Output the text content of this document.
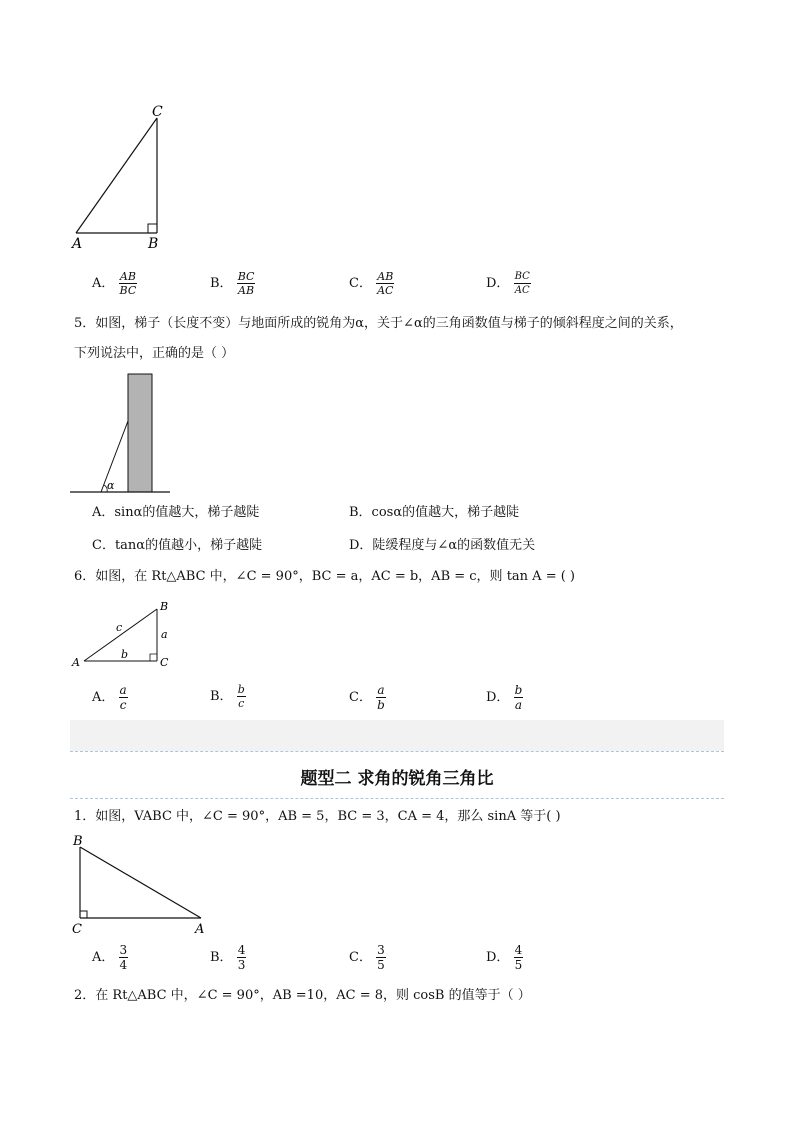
C
A	B
A． $\frac{AB}{BC}$	B． $\frac{BC}{AB}$	C． $\frac{AB}{AC}$	D． $\frac{BC}{AC}$
5．如图，梯子（长度不变）与地面所成的锐角为α，关于∠α的三角函数值与梯子的倾斜程度之间的关系，
下列说法中，正确的是（ ）
α
A．sinα的值越大，梯子越陡	B．cosα的值越大，梯子越陡
C．tanα的值越小，梯子越陡	D．陡缓程度与∠α的函数值无关
6．如图，在 Rt△ABC 中，∠C = 90°，BC = a，AC = b，AB = c，则 tan A = ( )
B
c
a
A
b
C
A． $\frac{a}{c}$	B． $\frac{b}{c}$	C． $\frac{a}{b}$	D． $\frac{b}{a}$
题型二 求角的锐角三角比
1．如图，VABC 中，∠C = 90°，AB = 5，BC = 3，CA = 4，那么 sinA 等于( )
B
C	A
A． $\frac{3}{4}$	B． $\frac{4}{3}$	C． $\frac{3}{5}$	D． $\frac{4}{5}$
2．在 Rt△ABC 中，∠C = 90°，AB =10，AC = 8，则 cosB 的值等于（ ）
